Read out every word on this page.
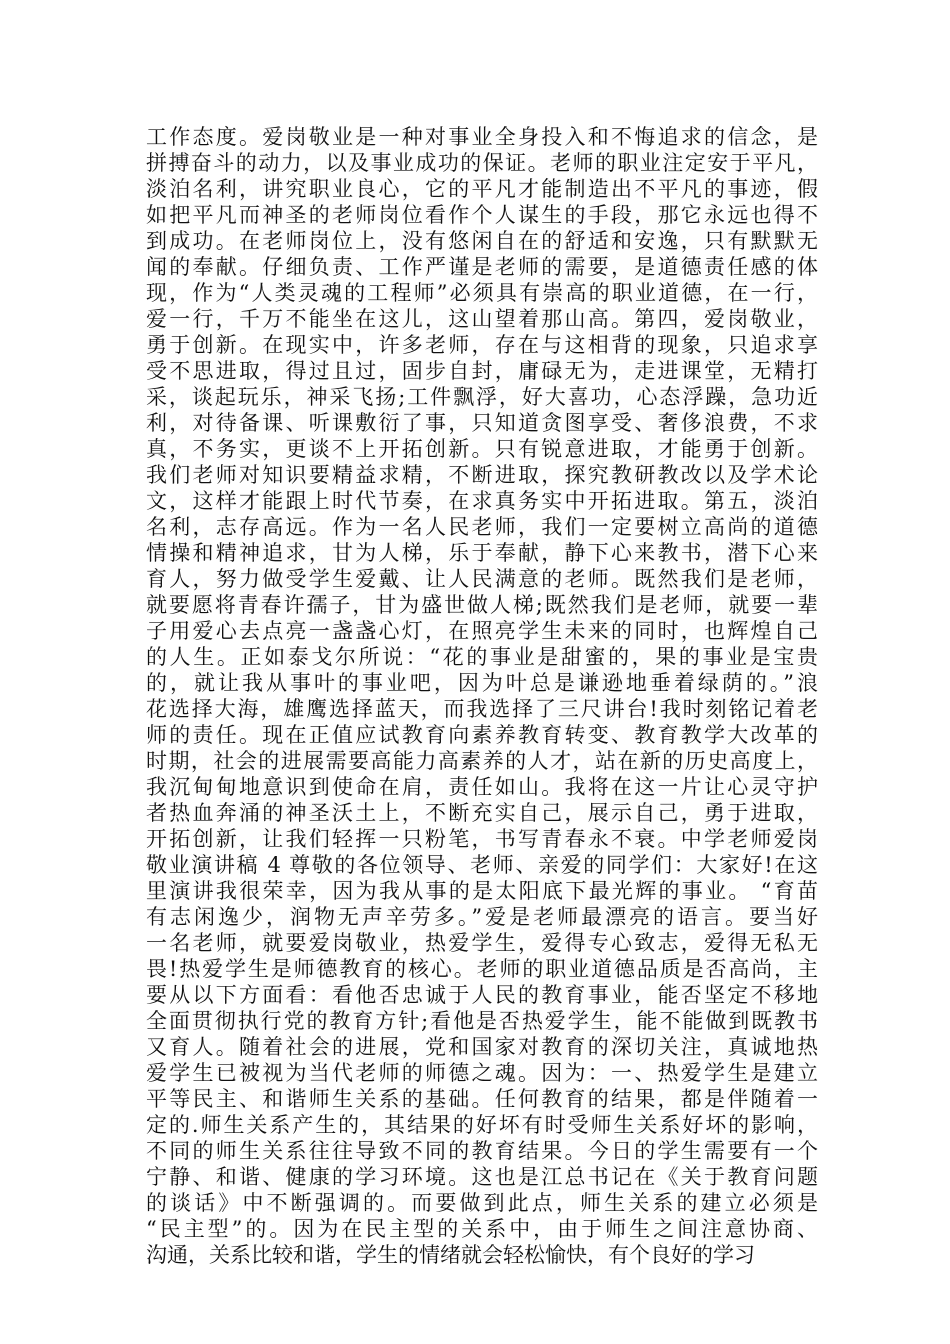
工作态度。爱岗敬业是一种对事业全身投入和不悔追求的信念，是
拼搏奋斗的动力，以及事业成功的保证。老师的职业注定安于平凡，
淡泊名利，讲究职业良心，它的平凡才能制造出不平凡的事迹，假
如把平凡而神圣的老师岗位看作个人谋生的手段，那它永远也得不
到成功。在老师岗位上，没有悠闲自在的舒适和安逸，只有默默无
闻的奉献。仔细负责、工作严谨是老师的需要，是道德责任感的体
现，作为“人类灵魂的工程师”必须具有崇高的职业道德，在一行，
爱一行，千万不能坐在这儿，这山望着那山高。第四，爱岗敬业，
勇于创新。在现实中，许多老师，存在与这相背的现象，只追求享
受不思进取，得过且过，固步自封，庸碌无为，走进课堂，无精打
采，谈起玩乐，神采飞扬;工件飘浮，好大喜功，心态浮躁，急功近
利，对待备课、听课敷衍了事，只知道贪图享受、奢侈浪费，不求
真，不务实，更谈不上开拓创新。只有锐意进取，才能勇于创新。
我们老师对知识要精益求精，不断进取，探究教研教改以及学术论
文，这样才能跟上时代节奏，在求真务实中开拓进取。第五，淡泊
名利，志存高远。作为一名人民老师，我们一定要树立高尚的道德
情操和精神追求，甘为人梯，乐于奉献，静下心来教书，潜下心来
育人，努力做受学生爱戴、让人民满意的老师。既然我们是老师，
就要愿将青春许孺子，甘为盛世做人梯;既然我们是老师，就要一辈
子用爱心去点亮一盏盏心灯，在照亮学生未来的同时，也辉煌自己
的人生。正如泰戈尔所说：“花的事业是甜蜜的，果的事业是宝贵
的，就让我从事叶的事业吧，因为叶总是谦逊地垂着绿荫的。”浪
花选择大海，雄鹰选择蓝天，而我选择了三尺讲台!我时刻铭记着老
师的责任。现在正值应试教育向素养教育转变、教育教学大改革的
时期，社会的进展需要高能力高素养的人才，站在新的历史高度上，
我沉甸甸地意识到使命在肩，责任如山。我将在这一片让心灵守护
者热血奔涌的神圣沃土上，不断充实自己，展示自己，勇于进取，
开拓创新，让我们轻挥一只粉笔，书写青春永不衰。中学老师爱岗
敬业演讲稿 4 尊敬的各位领导、老师、亲爱的同学们：大家好!在这
里演讲我很荣幸，因为我从事的是太阳底下最光辉的事业。 “育苗
有志闲逸少，润物无声辛劳多。”爱是老师最漂亮的语言。要当好
一名老师，就要爱岗敬业，热爱学生，爱得专心致志，爱得无私无
畏!热爱学生是师德教育的核心。老师的职业道德品质是否高尚，主
要从以下方面看：看他否忠诚于人民的教育事业，能否坚定不移地
全面贯彻执行党的教育方针;看他是否热爱学生，能不能做到既教书
又育人。随着社会的进展，党和国家对教育的深切关注，真诚地热
爱学生已被视为当代老师的师德之魂。因为：一、热爱学生是建立
平等民主、和谐师生关系的基础。任何教育的结果，都是伴随着一
定的.师生关系产生的，其结果的好坏有时受师生关系好坏的影响，
不同的师生关系往往导致不同的教育结果。今日的学生需要有一个
宁静、和谐、健康的学习环境。这也是江总书记在《关于教育问题
的谈话》中不断强调的。而要做到此点，师生关系的建立必须是
“民主型”的。因为在民主型的关系中，由于师生之间注意协商、
沟通，关系比较和谐，学生的情绪就会轻松愉快，有个良好的学习
